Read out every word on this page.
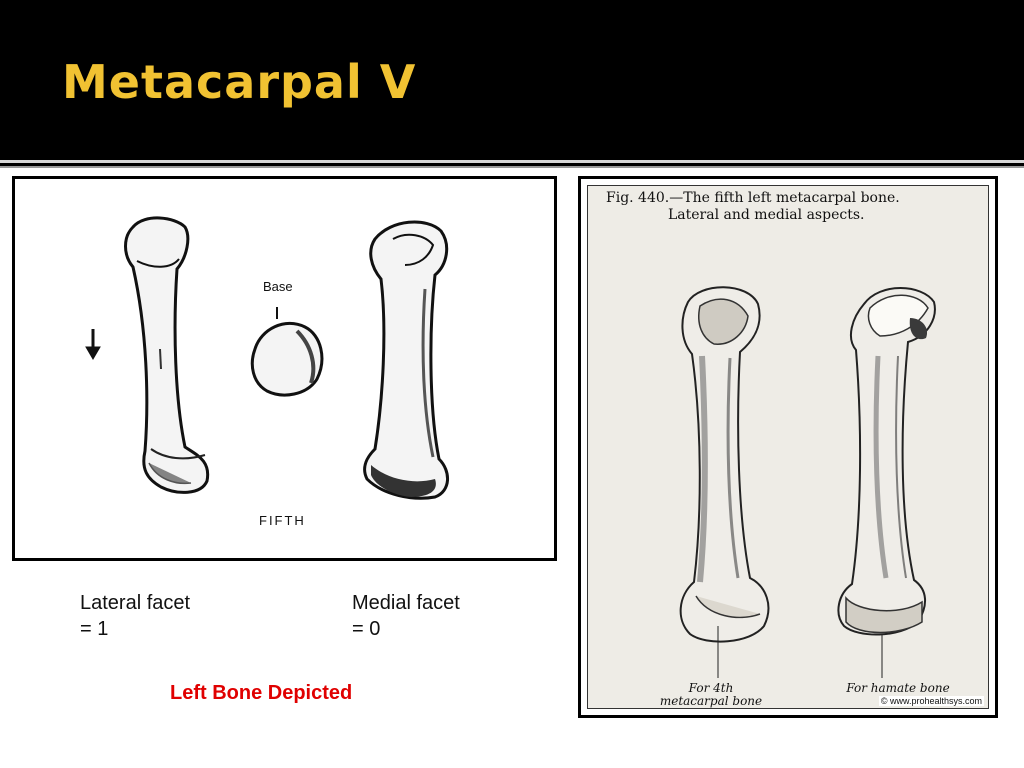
Metacarpal V
Base
FIFTH
Fig. 440.—The fifth left metacarpal bone.
Lateral and medial aspects.
For 4th metacarpal bone
For hamate bone
© www.prohealthsys.com
Lateral facet
= 1
Medial facet
= 0
Left Bone Depicted
